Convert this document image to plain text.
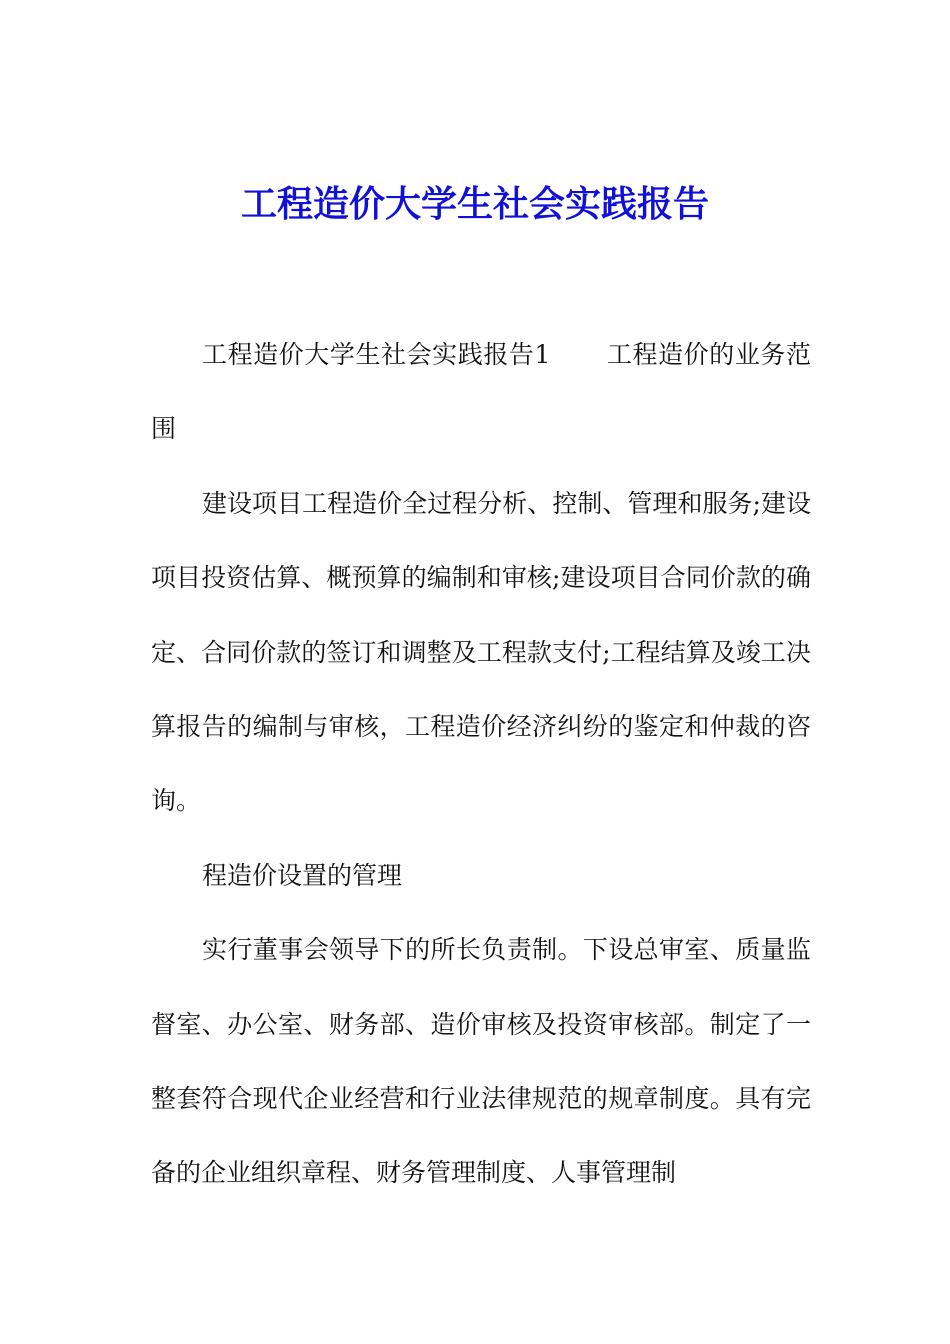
工程造价大学生社会实践报告

工程造价大学生社会实践报告1 工程造价的业务范围

建设项目工程造价全过程分析、控制、管理和服务;建设项目投资估算、概预算的编制和审核;建设项目合同价款的确定、合同价款的签订和调整及工程款支付;工程结算及竣工决算报告的编制与审核，工程造价经济纠纷的鉴定和仲裁的咨询。

程造价设置的管理

实行董事会领导下的所长负责制。下设总审室、质量监督室、办公室、财务部、造价审核及投资审核部。制定了一整套符合现代企业经营和行业法律规范的规章制度。具有完备的企业组织章程、财务管理制度、人事管理制
